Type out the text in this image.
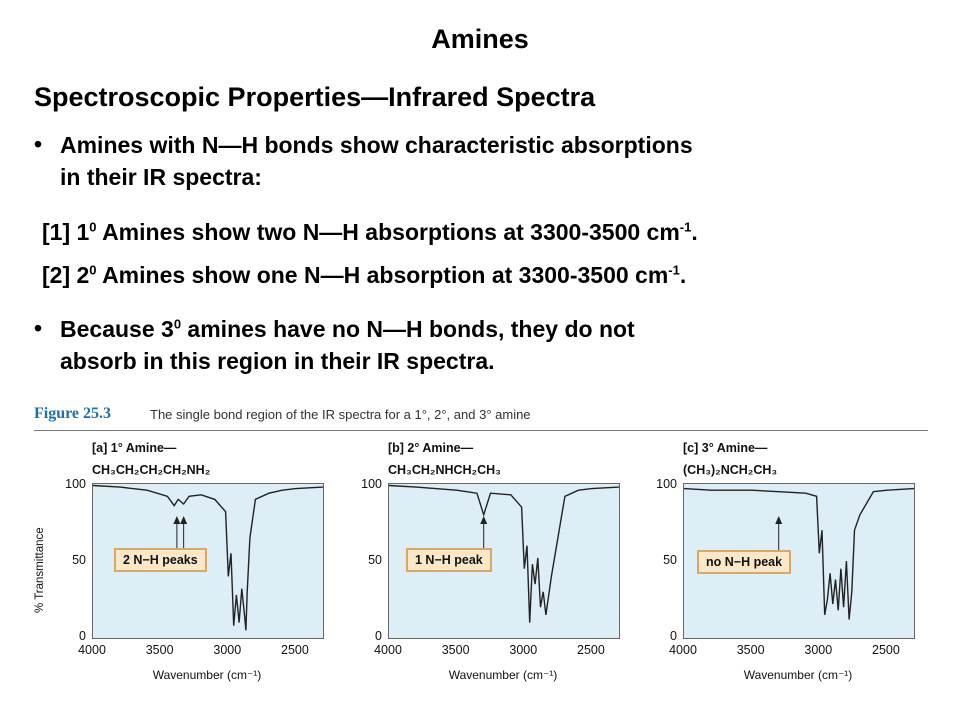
Amines
Spectroscopic Properties—Infrared Spectra
• Amines with N—H bonds show characteristic absorptions
in their IR spectra:
[1] $1^0$ Amines show two N—H absorptions at 3300-3500 $cm^{-1}$.
[2] $2^0$ Amines show one N—H absorption at 3300-3500 $cm^{-1}$.
• Because $3^0$ amines have no N—H bonds, they do not
absorb in this region in their IR spectra.
Figure 25.3	The single bond region of the IR spectra for a 1°, 2°, and 3° amine
[a] 1° Amine—
CH₃CH₂CH₂CH₂NH₂
100
50
0
Wavenumber (cm⁻¹)
% Transmittance
4000	3500	3000	2500
2 N−H peaks
[b] 2° Amine—
CH₃CH₂NHCH₂CH₃
100
50
0
Wavenumber (cm⁻¹)
4000	3500	3000	2500
1 N−H peak
[c] 3° Amine—
(CH₃)₂NCH₂CH₃
100
50
0
Wavenumber (cm⁻¹)
4000	3500	3000	2500
no N−H peak
